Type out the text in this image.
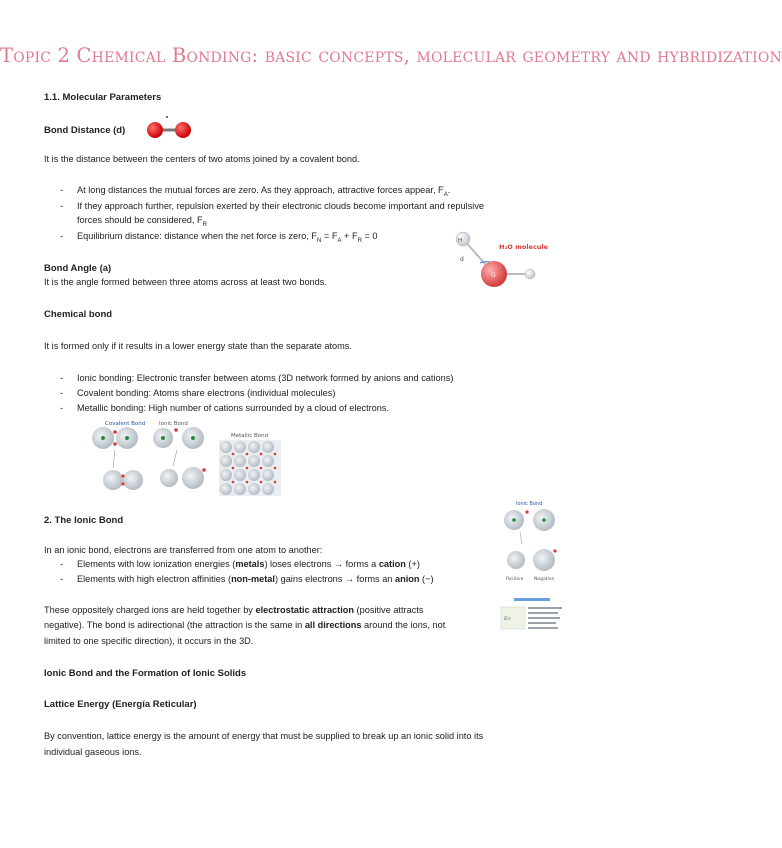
Topic 2 Chemical Bonding: basic concepts, molecular geometry and hybridization
1.1. Molecular Parameters
Bond Distance (d)
It is the distance between the centers of two atoms joined by a covalent bond.
- At long distances the mutual forces are zero. As they approach, attractive forces appear, $F_A$.
- If they approach further, repulsion exerted by their electronic clouds become important and repulsive
forces should be considered, $F_R$
- Equilibrium distance: distance when the net force is zero, $F_N = F_A + F_R = 0$	H
O
d
H₂O molecule
Bond Angle (a)
It is the angle formed between three atoms across at least two bonds.
Chemical bond
It is formed only if it results in a lower energy state than the separate atoms.
- Ionic bonding: Electronic transfer between atoms (3D network formed by anions and cations)
- Covalent bonding: Atoms share electrons (individual molecules)
- Metallic bonding: High number of cations surrounded by a cloud of electrons.
Covalent Bond	Ionic Bond
Metallic Bond
2. The Ionic Bond
Ionic Bond
Positive Negative
In an ionic bond, electrons are transferred from one atom to another:
- Elements with low ionization energies (metals) loses electrons → forms a cation (+)
- Elements with high electron affinities (non-metal) gains electrons → forms an anion (−)
These oppositely charged ions are held together by electrostatic attraction (positive attracts
negative). The bond is adirectional (the attraction is the same in all directions around the ions, not
limited to one specific direction), it occurs in the 3D.
E∝
Ionic Bond and the Formation of Ionic Solids
Lattice Energy (Energía Reticular)
By convention, lattice energy is the amount of energy that must be supplied to break up an ionic solid into its
individual gaseous ions.
